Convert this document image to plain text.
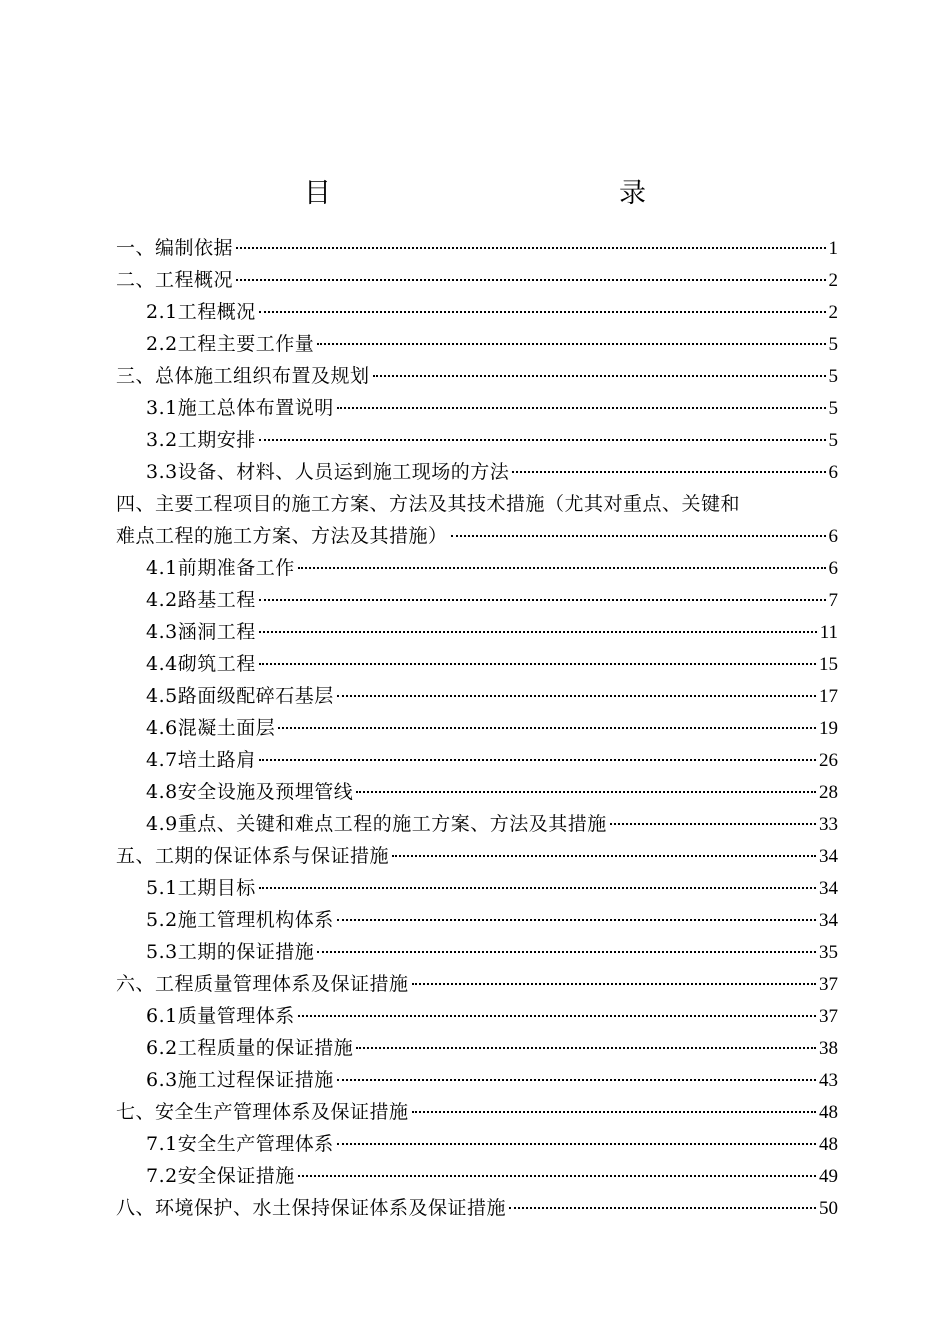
目　　录
一、编制依据	1
二、工程概况	2
2.1工程概况	2
2.2工程主要工作量	5
三、总体施工组织布置及规划	5
3.1施工总体布置说明	5
3.2工期安排	5
3.3设备、材料、人员运到施工现场的方法	6
四、主要工程项目的施工方案、方法及其技术措施（尤其对重点、关键和
难点工程的施工方案、方法及其措施）	6
4.1前期准备工作	6
4.2路基工程	7
4.3涵洞工程	11
4.4砌筑工程	15
4.5路面级配碎石基层	17
4.6混凝土面层	19
4.7培土路肩	26
4.8安全设施及预埋管线	28
4.9重点、关键和难点工程的施工方案、方法及其措施	33
五、工期的保证体系与保证措施	34
5.1工期目标	34
5.2施工管理机构体系	34
5.3工期的保证措施	35
六、工程质量管理体系及保证措施	37
6.1质量管理体系	37
6.2工程质量的保证措施	38
6.3施工过程保证措施	43
七、安全生产管理体系及保证措施	48
7.1安全生产管理体系	48
7.2安全保证措施	49
八、环境保护、水土保持保证体系及保证措施	50
